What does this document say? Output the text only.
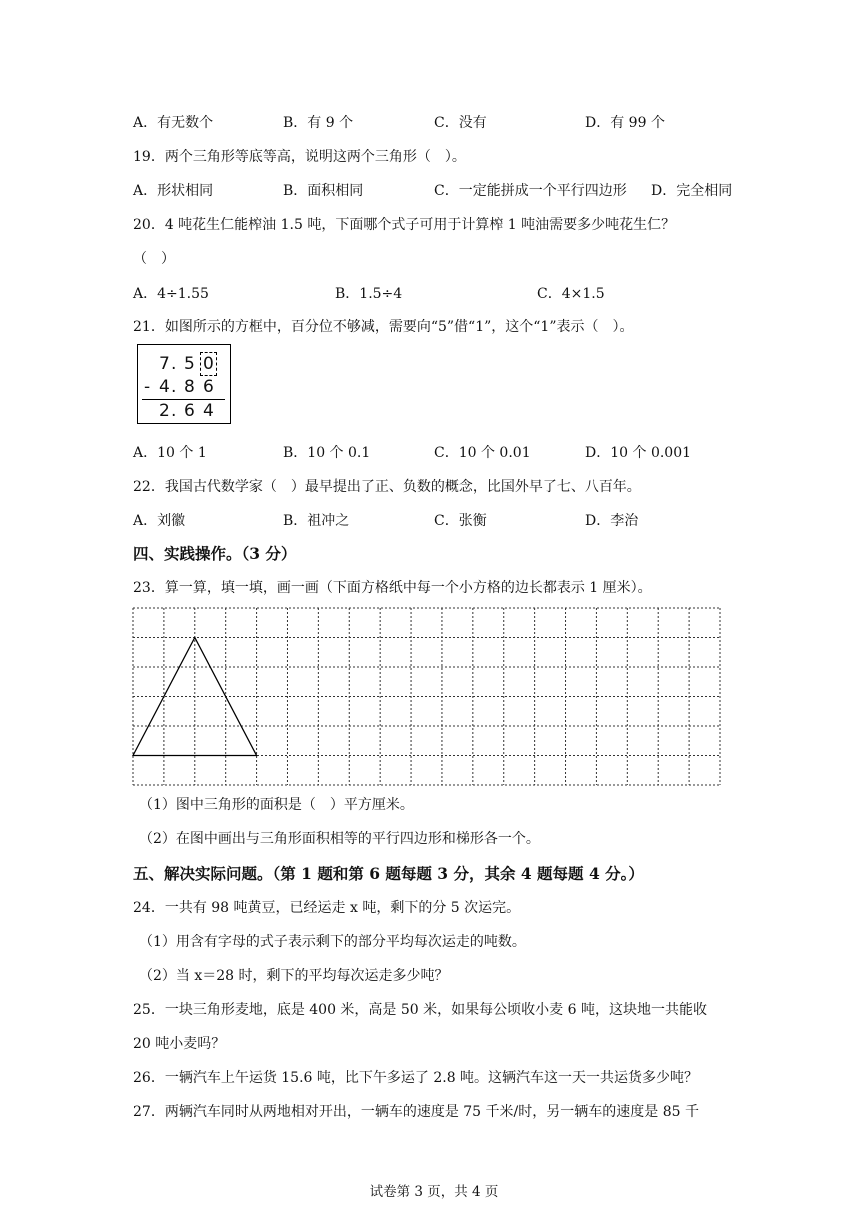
A．有无数个	B．有 9 个	C．没有	D．有 99 个
19．两个三角形等底等高，说明这两个三角形（　）。
A．形状相同	B．面积相同	C．一定能拼成一个平行四边形 D．完全相同
20．4 吨花生仁能榨油 1.5 吨，下面哪个式子可用于计算榨 1 吨油需要多少吨花生仁？
（　）
A．4÷1.55	B．1.5÷4	C．4×1.5
21．如图所示的方框中，百分位不够减，需要向“5”借“1”，这个“1”表示（　）。
7 . 5 0
- 4 . 8 6
2 . 6 4
A．10 个 1	B．10 个 0.1	C．10 个 0.01	D．10 个 0.001
22．我国古代数学家（　）最早提出了正、负数的概念，比国外早了七、八百年。
A．刘徽	B．祖冲之	C．张衡	D．李治
四、实践操作。（3 分）
23．算一算，填一填，画一画（下面方格纸中每一个小方格的边长都表示 1 厘米）。
（1）图中三角形的面积是（　）平方厘米。
（2）在图中画出与三角形面积相等的平行四边形和梯形各一个。
五、解决实际问题。（第 1 题和第 6 题每题 3 分，其余 4 题每题 4 分。）
24．一共有 98 吨黄豆，已经运走 x 吨，剩下的分 5 次运完。
（1）用含有字母的式子表示剩下的部分平均每次运走的吨数。
（2）当 x＝28 时，剩下的平均每次运走多少吨？
25．一块三角形麦地，底是 400 米，高是 50 米，如果每公顷收小麦 6 吨，这块地一共能收
20 吨小麦吗？
26．一辆汽车上午运货 15.6 吨，比下午多运了 2.8 吨。这辆汽车这一天一共运货多少吨？
27．两辆汽车同时从两地相对开出，一辆车的速度是 75 千米/时，另一辆车的速度是 85 千
试卷第 3 页，共 4 页
